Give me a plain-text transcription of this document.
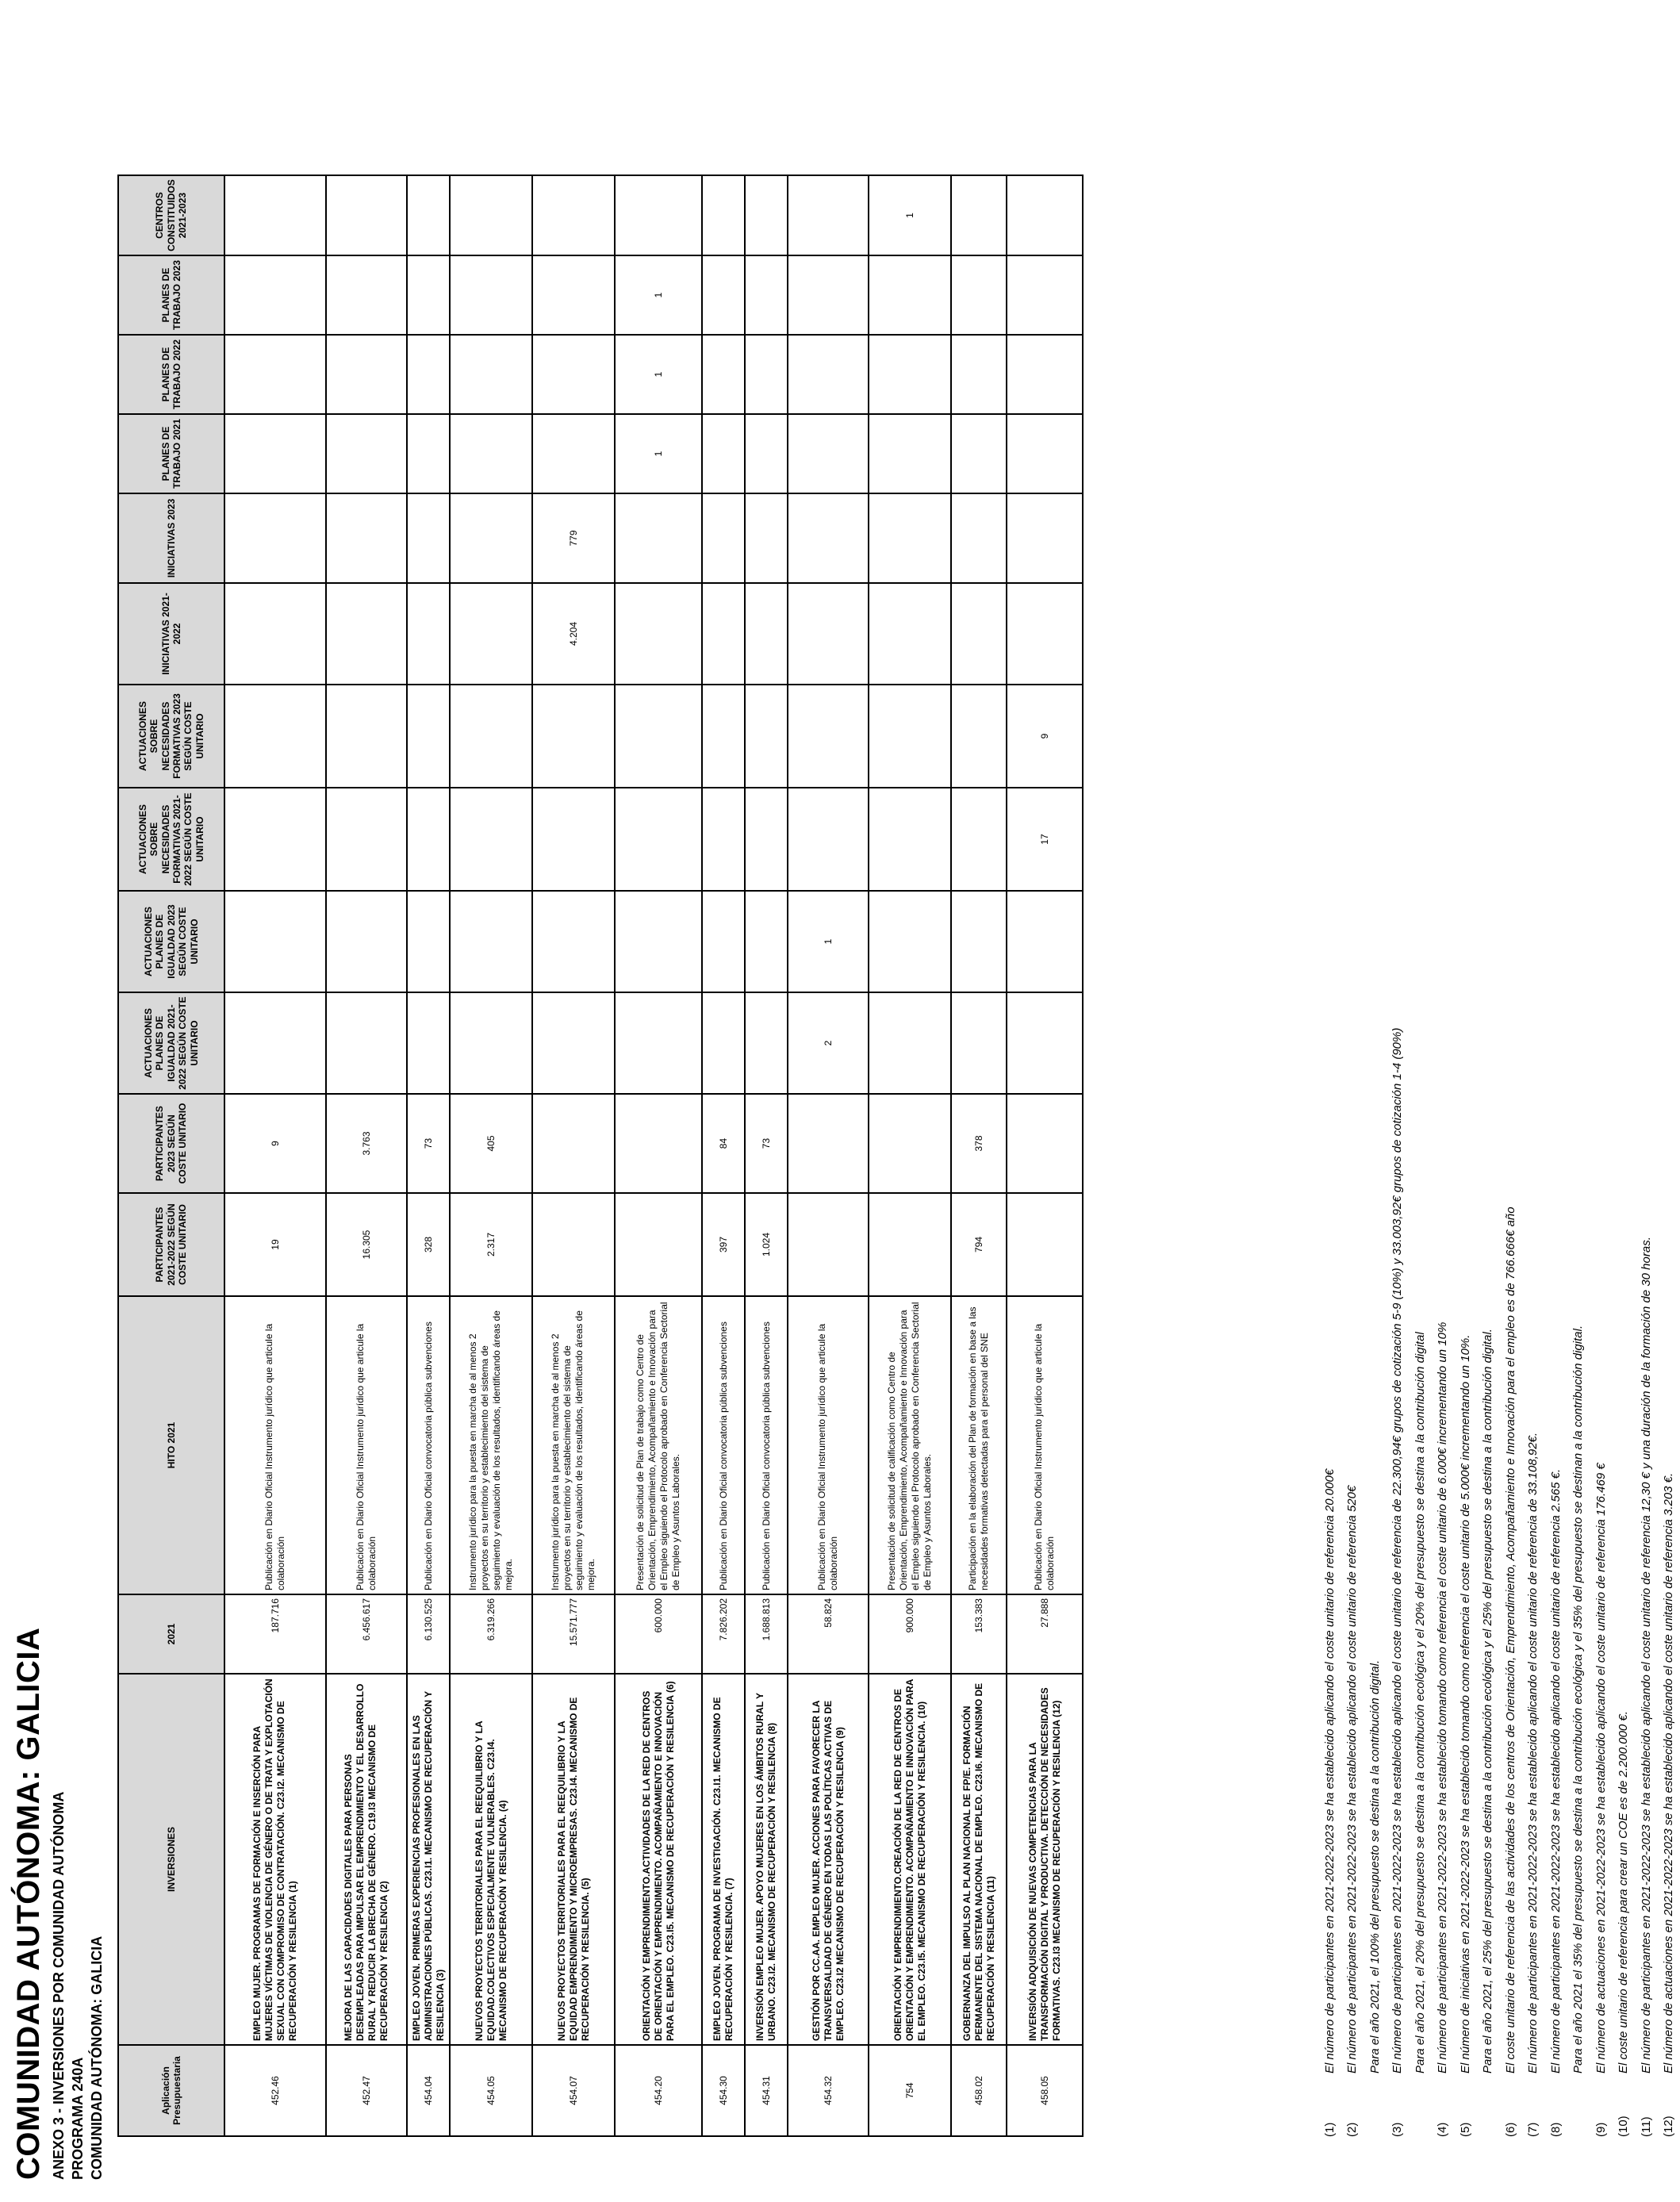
COMUNIDAD AUTÓNOMA: GALICIA ANEXO 3 - INVERSIONES POR COMUNIDAD AUTÓNOMA PROGRAMA 240A COMUNIDAD AUTÓNOMA: GALICIA	Aplicación Presupuestaria	INVERSIONES	2021	HITO 2021	PARTICIPANTES 2021-2022 SEGÚN COSTE UNITARIO	PARTICIPANTES 2023 SEGÚN COSTE UNITARIO	ACTUACIONES PLANES DE IGUALDAD 2021-2022 SEGÚN COSTE UNITARIO	ACTUACIONES PLANES DE IGUALDAD 2023 SEGÚN COSTE UNITARIO	ACTUACIONES SOBRE NECESIDADES FORMATIVAS 2021-2022 SEGÚN COSTE UNITARIO	ACTUACIONES SOBRE NECESIDADES FORMATIVAS 2023 SEGÚN COSTE UNITARIO	INICIATIVAS 2021-2022	INICIATIVAS 2023	PLANES DE TRABAJO 2021	PLANES DE TRABAJO 2022	PLANES DE TRABAJO 2023	CENTROS CONSTITUIDOS 2021-2023
452.46	EMPLEO MUJER. PROGRAMAS DE FORMACIÓN E INSERCIÓN PARA MUJERES VÍCTIMAS DE VIOLENCIA DE GÉNERO O DE TRATA Y EXPLOTACIÓN SEXUAL CON COMPROMISO DE CONTRATACIÓN. C23.I2. MECANISMO DE RECUPERACIÓN Y RESILENCIA (1)	187.716	Publicación en Diario Oficial Instrumento jurídico que articule la colaboración	19	9										
452.47	MEJORA DE LAS CAPACIDADES DIGITALES PARA PERSONAS DESEMPLEADAS PARA IMPULSAR EL EMPRENDIMIENTO Y EL DESARROLLO RURAL Y REDUCIR LA BRECHA DE GÉNERO. C19.I3 MECANISMO DE RECUPERACIÓN Y RESILENCIA (2)	6.456.617	Publicación en Diario Oficial Instrumento jurídico que articule la colaboración	16.305	3.763										
454.04	EMPLEO JOVEN. PRIMERAS EXPERIENCIAS PROFESIONALES EN LAS ADMINISTRACIONES PÚBLICAS. C23.I1. MECANISMO DE RECUPERACIÓN Y RESILENCIA (3)	6.130.525	Publicación en Diario Oficial convocatoria pública subvenciones	328	73										
454.05	NUEVOS PROYECTOS TERRITORIALES PARA EL REEQUILIBRIO Y LA EQUIDAD.COLECTIVOS ESPECIALMENTE VULNERABLES. C23.I4. MECANISMO DE RECUPERACIÓN Y RESILENCIA. (4)	6.319.266	Instrumento jurídico para la puesta en marcha de al menos 2 proyectos en su territorio y establecimiento del sistema de seguimiento y evaluación de los resultados, identificando áreas de mejora.	2.317	405										
454.07	NUEVOS PROYECTOS TERRITORIALES PARA EL REEQUILIBRIO Y LA EQUIDAD EMPRENDIMIENTO Y MICROEMPRESAS. C23.I4. MECANISMO DE RECUPERACIÓN Y RESILENCIA. (5)	15.571.777	Instrumento jurídico para la puesta en marcha de al menos 2 proyectos en su territorio y establecimiento del sistema de seguimiento y evaluación de los resultados, identificando áreas de mejora.							4.204	779				
454.20	ORIENTACIÓN Y EMPRENDIMIENTO.ACTIVIDADES DE LA RED DE CENTROS DE ORIENTACIÓN Y EMPRENDIMIENTO. ACOMPAÑAMIENTO E INNOVACIÓN PARA EL EMPLEO. C23.I5. MECANISMO DE RECUPERACIÓN Y RESILENCIA (6)	600.000	Presentación de solicitud de Plan de trabajo como Centro de Orientación, Emprendimiento, Acompañamiento e Innovación para el Empleo siguiendo el Protocolo aprobado en Conferencia Sectorial de Empleo y Asuntos Laborales.									1	1	1	
454.30	EMPLEO JOVEN. PROGRAMA DE INVESTIGACIÓN. C23.I1. MECANISMO DE RECUPERACIÓN Y RESILENCIA. (7)	7.826.202	Publicación en Diario Oficial convocatoria pública subvenciones	397	84										
454.31	INVERSIÓN EMPLEO MUJER. APOYO MUJERES EN LOS ÁMBITOS RURAL Y URBANO. C23.I2. MECANISMO DE RECUPERACIÓN Y RESILENCIA (8)	1.688.813	Publicación en Diario Oficial convocatoria pública subvenciones	1.024	73										
454.32	GESTIÓN POR CC.AA. EMPLEO MUJER. ACCIONES PARA FAVORECER LA TRANSVERSALIDAD DE GÉNERO EN TODAS LAS POLÍTICAS ACTIVAS DE EMPLEO. C23.I2 MECANISMO DE RECUPERACIÓN Y RESILENCIA (9)	58.824	Publicación en Diario Oficial Instrumento jurídico que articule la colaboración			2	1								
754	ORIENTACIÓN Y EMPRENDIMIENTO.CREACIÓN DE LA RED DE CENTROS DE ORIENTACIÓN Y EMPRENDIMIENTO. ACOMPAÑAMIENTO E INNOVACIÓN PARA EL EMPLEO. C23.I5. MECANISMO DE RECUPERACIÓN Y RESILENCIA. (10)	900.000	Presentación de solicitud de calificación como Centro de Orientación, Emprendimiento, Acompañamiento e Innovación para el Empleo siguiendo el Protocolo aprobado en Conferencia Sectorial de Empleo y Asuntos Laborales.												1
458.02	GOBERNANZA DEL IMPULSO AL PLAN NACIONAL DE FP/E. FORMACIÓN PERMANENTE DEL SISTEMA NACIONAL DE EMPLEO. C23.I6. MECANISMO DE RECUPERACIÓN Y RESILENCIA (11)	153.383	Participación en la elaboración del Plan de formación en base a las necesidades formativas detectadas para el personal del SNE	794	378										
458.05	INVERSIÓN ADQUISICIÓN DE NUEVAS COMPETENCIAS PARA LA TRANSFORMACIÓN DIGITAL Y PRODUCTIVA. DETECCIÓN DE NECESIDADES FORMATIVAS. C23.I3 MECANISMO DE RECUPERACIÓN Y RESILENCIA (12)	27.888	Publicación en Diario Oficial Instrumento jurídico que articule la colaboración					17	9						
(1)
El número de participantes en 2021-2022-2023 se ha establecido aplicando el coste unitario de referencia 20.000€
(2)
El número de participantes en 2021-2022-2023 se ha establecido aplicando el coste unitario de referencia 520€ Para el año 2021, el 100% del presupuesto se destina a la contribución digital.
(3)
El número de participantes en 2021-2022-2023 se ha establecido aplicando el coste unitario de referencia de 22.300,94€ grupos de cotización 5-9 (10%) y 33.003,92€ grupos de cotización 1-4 (90%) Para el año 2021, el 20% del presupuesto se destina a la contribución ecológica y el 20% del presupuesto se destina a la contribución digital
(4)
El número de participantes en 2021-2022-2023 se ha establecido tomando como referencia el coste unitario de 6.000€ incrementando un 10%
(5)
El número de iniciativas en 2021-2022-2023 se ha establecido tomando como referencia el coste unitario de 5.000€ incrementando un 10%. Para el año 2021, el 25% del presupuesto se destina a la contribución ecológica y el 25% del presupuesto se destina a la contribución digital.
(6)
El coste unitario de referencia de las actividades de los centros de Orientación, Emprendimiento, Acompañamiento e Innovación para el empleo es de 766.666€ año
(7)
El número de participantes en 2021-2022-2023 se ha establecido aplicando el coste unitario de referencia de 33.108,92€.
(8)
El número de participantes en 2021-2022-2023 se ha establecido aplicando el coste unitario de referencia 2.565 €. Para el año 2021 el 35% del presupuesto se destina a la contribución ecológica y el 35% del presupuesto se destinan a la contribución digital.
(9)
El número de actuaciones en 2021-2022-2023 se ha establecido aplicando el coste unitario de referencia 176.469 €
(10)
El coste unitario de referencia para crear un COE es de 2.200.000 €.
(11)
El número de participantes en 2021-2022-2023 se ha establecido aplicando el coste unitario de referencia 12,30 € y una duración de la formación de 30 horas.
(12)
El número de actuaciones en 2021-2022-2023 se ha establecido aplicando el coste unitario de referencia 3.203 €.
